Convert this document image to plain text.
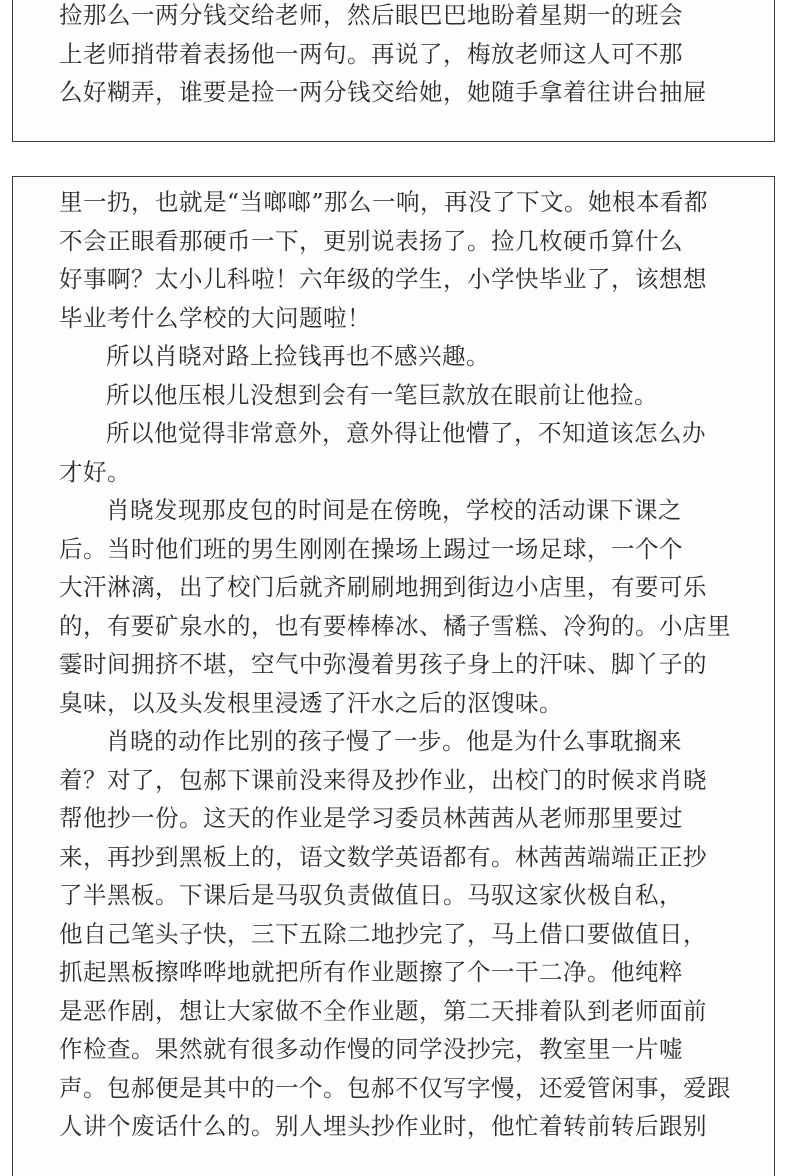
捡那么一两分钱交给老师，然后眼巴巴地盼着星期一的班会
上老师捎带着表扬他一两句。再说了，梅放老师这人可不那
么好糊弄，谁要是捡一两分钱交给她，她随手拿着往讲台抽屉
里一扔，也就是“当啷啷”那么一响，再没了下文。她根本看都
不会正眼看那硬币一下，更别说表扬了。捡几枚硬币算什么
好事啊？太小儿科啦！六年级的学生，小学快毕业了，该想想
毕业考什么学校的大问题啦！
所以肖晓对路上捡钱再也不感兴趣。
所以他压根儿没想到会有一笔巨款放在眼前让他捡。
所以他觉得非常意外，意外得让他懵了，不知道该怎么办
才好。
肖晓发现那皮包的时间是在傍晚，学校的活动课下课之
后。当时他们班的男生刚刚在操场上踢过一场足球，一个个
大汗淋漓，出了校门后就齐刷刷地拥到街边小店里，有要可乐
的，有要矿泉水的，也有要棒棒冰、橘子雪糕、冷狗的。小店里
霎时间拥挤不堪，空气中弥漫着男孩子身上的汗味、脚丫子的
臭味，以及头发根里浸透了汗水之后的沤馊味。
肖晓的动作比别的孩子慢了一步。他是为什么事耽搁来
着？对了，包郝下课前没来得及抄作业，出校门的时候求肖晓
帮他抄一份。这天的作业是学习委员林茜茜从老师那里要过
来，再抄到黑板上的，语文数学英语都有。林茜茜端端正正抄
了半黑板。下课后是马驭负责做值日。马驭这家伙极自私，
他自己笔头子快，三下五除二地抄完了，马上借口要做值日，
抓起黑板擦哗哗地就把所有作业题擦了个一干二净。他纯粹
是恶作剧，想让大家做不全作业题，第二天排着队到老师面前
作检查。果然就有很多动作慢的同学没抄完，教室里一片嘘
声。包郝便是其中的一个。包郝不仅写字慢，还爱管闲事，爱跟
人讲个废话什么的。别人埋头抄作业时，他忙着转前转后跟别
